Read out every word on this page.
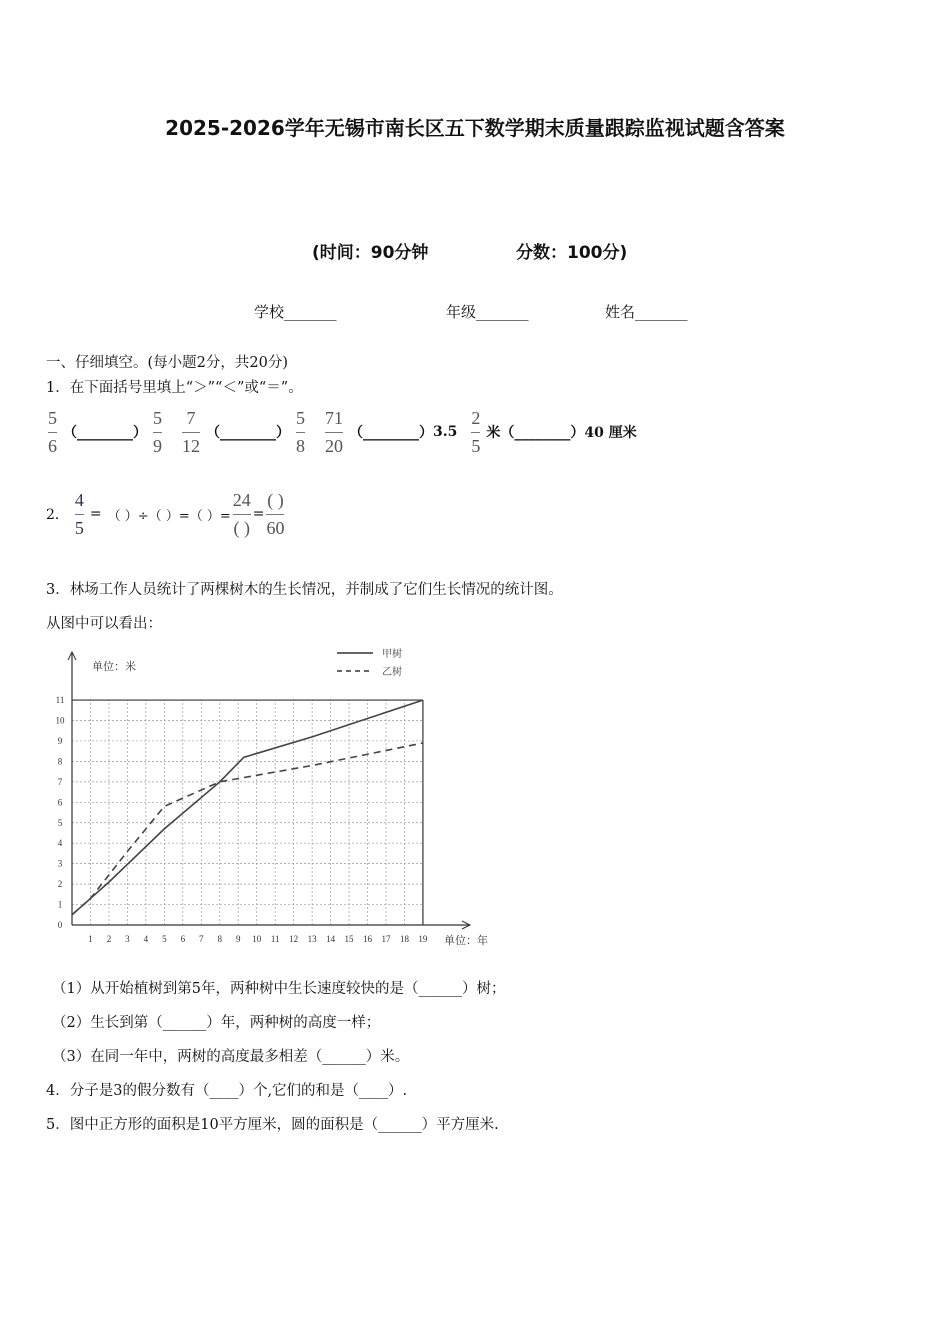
2025-2026学年无锡市南长区五下数学期末质量跟踪监视试题含答案
(时间：90分钟	分数：100分)
学校_______	年级_______	姓名_______
一、仔细填空。(每小题2分，共20分)
1．在下面括号里填上“＞”“＜”或“＝”。
$\frac{5}{6}$ （________） $\frac{5}{9} \frac{7}{12}$ （________） $\frac{5}{8} \frac{71}{20}$ （________） $3.5 \frac{2}{5}$ 米 （________） 40 厘米
2． $\frac{4}{5}$ = （ ）÷（ ）=（ ）= $\frac{24}{( )} = \frac{( )}{60}$
3．林场工作人员统计了两棵树木的生长情况，并制成了它们生长情况的统计图。
从图中可以看出：
1 2 3 4 5 6 7 8 9 10 11 12 13 14 15 16 17 18 19
0
1
2
3
4
5
6
7
8
9
10
11
单位：米
单位：年
甲树
乙树
（1）从开始植树到第5年，两种树中生长速度较快的是（______）树；
（2）生长到第（______）年，两种树的高度一样；
（3）在同一年中，两树的高度最多相差（______）米。
4．分子是3的假分数有（____）个,它们的和是（____）.
5．图中正方形的面积是10平方厘米，圆的面积是（______）平方厘米.
